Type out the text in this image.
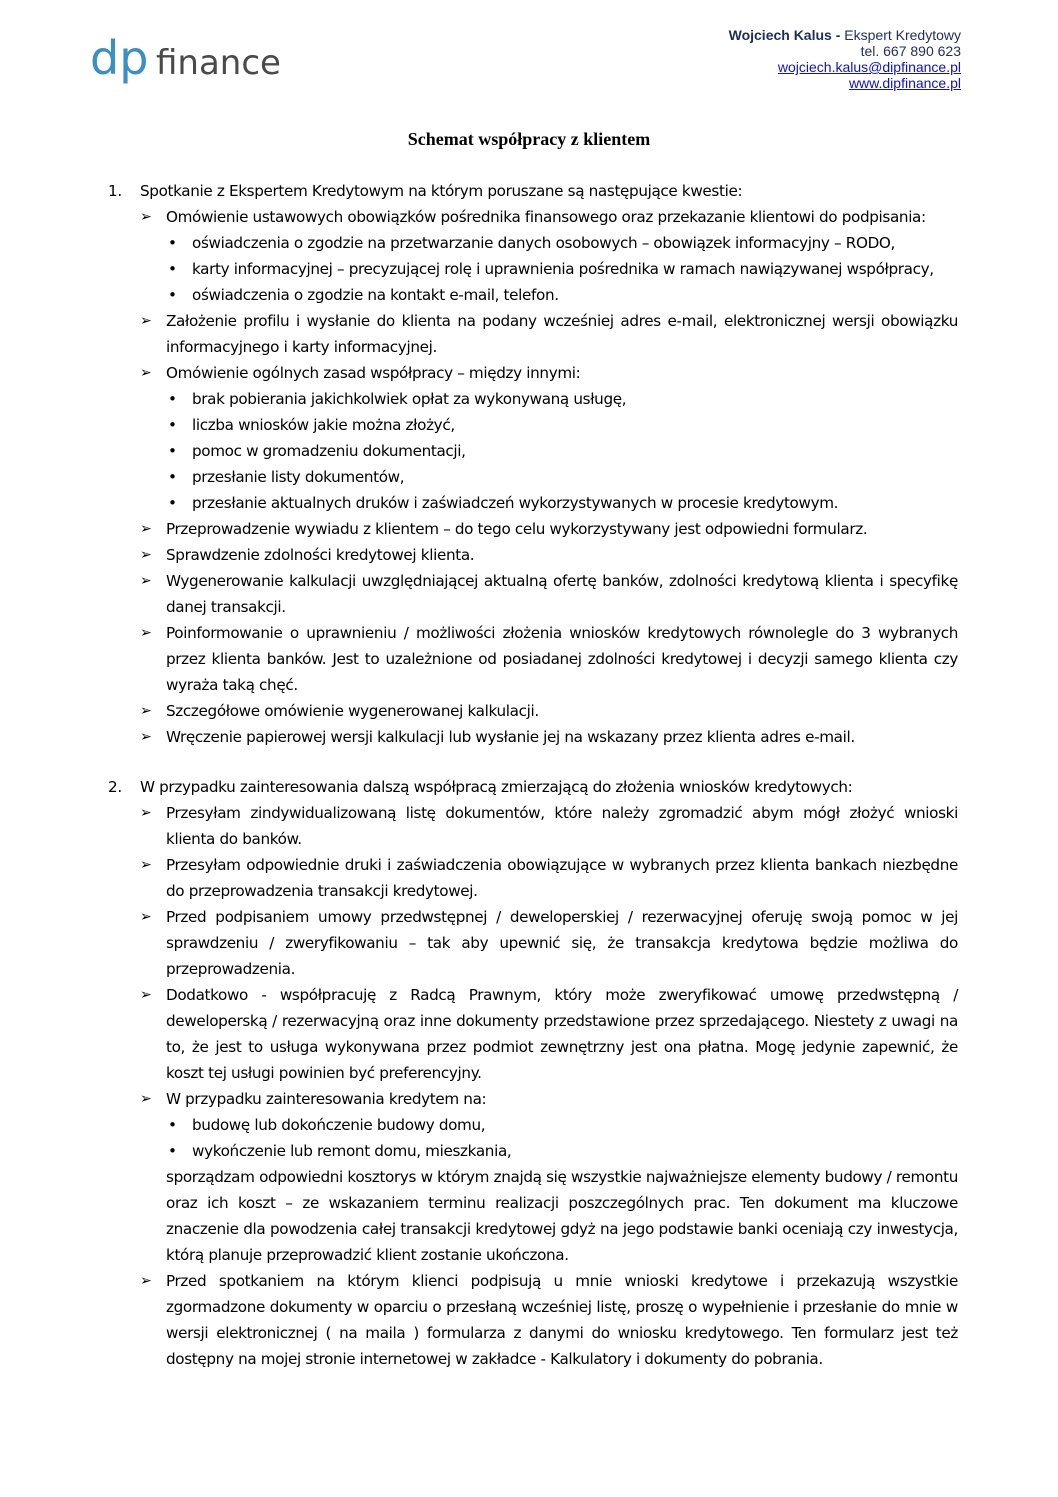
dp finance
Wojciech Kalus - Ekspert Kredytowy
tel. 667 890 623
wojciech.kalus@dipfinance.pl
www.dipfinance.pl
Schemat współpracy z klientem
1. Spotkanie z Ekspertem Kredytowym na którym poruszane są następujące kwestie:
➢ Omówienie ustawowych obowiązków pośrednika finansowego oraz przekazanie klientowi do podpisania:
• oświadczenia o zgodzie na przetwarzanie danych osobowych – obowiązek informacyjny – RODO,
• karty informacyjnej – precyzującej rolę i uprawnienia pośrednika w ramach nawiązywanej współpracy,
• oświadczenia o zgodzie na kontakt e-mail, telefon.
➢ Założenie profilu i wysłanie do klienta na podany wcześniej adres e-mail, elektronicznej wersji obowiązku informacyjnego i karty informacyjnej.
➢ Omówienie ogólnych zasad współpracy – między innymi:
• brak pobierania jakichkolwiek opłat za wykonywaną usługę,
• liczba wniosków jakie można złożyć,
• pomoc w gromadzeniu dokumentacji,
• przesłanie listy dokumentów,
• przesłanie aktualnych druków i zaświadczeń wykorzystywanych w procesie kredytowym.
➢ Przeprowadzenie wywiadu z klientem – do tego celu wykorzystywany jest odpowiedni formularz.
➢ Sprawdzenie zdolności kredytowej klienta.
➢ Wygenerowanie kalkulacji uwzględniającej aktualną ofertę banków, zdolności kredytową klienta i specyfikę danej transakcji.
➢ Poinformowanie o uprawnieniu / możliwości złożenia wniosków kredytowych równolegle do 3 wybranych przez klienta banków. Jest to uzależnione od posiadanej zdolności kredytowej i decyzji samego klienta czy wyraża taką chęć.
➢ Szczegółowe omówienie wygenerowanej kalkulacji.
➢ Wręczenie papierowej wersji kalkulacji lub wysłanie jej na wskazany przez klienta adres e-mail.
2. W przypadku zainteresowania dalszą współpracą zmierzającą do złożenia wniosków kredytowych:
➢ Przesyłam zindywidualizowaną listę dokumentów, które należy zgromadzić abym mógł złożyć wnioski klienta do banków.
➢ Przesyłam odpowiednie druki i zaświadczenia obowiązujące w wybranych przez klienta bankach niezbędne do przeprowadzenia transakcji kredytowej.
➢ Przed podpisaniem umowy przedwstępnej / deweloperskiej / rezerwacyjnej oferuję swoją pomoc w jej sprawdzeniu / zweryfikowaniu – tak aby upewnić się, że transakcja kredytowa będzie możliwa do przeprowadzenia.
➢ Dodatkowo - współpracuję z Radcą Prawnym, który może zweryfikować umowę przedwstępną / deweloperską / rezerwacyjną oraz inne dokumenty przedstawione przez sprzedającego. Niestety z uwagi na to, że jest to usługa wykonywana przez podmiot zewnętrzny jest ona płatna. Mogę jedynie zapewnić, że koszt tej usługi powinien być preferencyjny.
➢ W przypadku zainteresowania kredytem na:
• budowę lub dokończenie budowy domu,
• wykończenie lub remont domu, mieszkania,
sporządzam odpowiedni kosztorys w którym znajdą się wszystkie najważniejsze elementy budowy / remontu oraz ich koszt – ze wskazaniem terminu realizacji poszczególnych prac. Ten dokument ma kluczowe znaczenie dla powodzenia całej transakcji kredytowej gdyż na jego podstawie banki oceniają czy inwestycja, którą planuje przeprowadzić klient zostanie ukończona.
➢ Przed spotkaniem na którym klienci podpisują u mnie wnioski kredytowe i przekazują wszystkie zgormadzone dokumenty w oparciu o przesłaną wcześniej listę, proszę o wypełnienie i przesłanie do mnie w wersji elektronicznej ( na maila ) formularza z danymi do wniosku kredytowego. Ten formularz jest też dostępny na mojej stronie internetowej w zakładce - Kalkulatory i dokumenty do pobrania.
